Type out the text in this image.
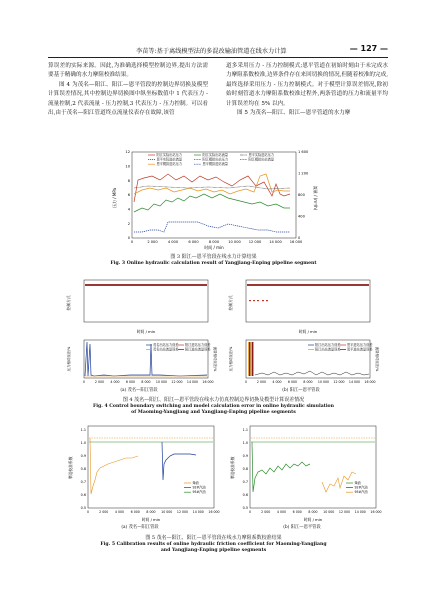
李苗等:基于离线模型法的多混改输油管道在线水力计算	— 127 —

算误差的实际来源。因此,为准确选择模型控制边界,提出方法需要基于精确的水力摩阻校准结果。

图 4 为茂名—阳江、阳江—恩平管段的控制边界切换及模型计算误差情况,其中控制边界切换图中纵坐标数值中 1 代表压力 - 流量控制,2 代表流量 - 压力控制,3 代表压力 - 压力控制。可以看出,由于茂名—阳江管道终点流量仪表存在故障,该管

道多采用压力 - 压力控制模式;恩平管道在初始时刻由于未完成水力摩阻系数校准,边界条件存在来回切换的情况,但随着校准的完成,最终选择采用压力 - 压力控制模式。对于模型计算误差情况,除初始时刻管道水力摩阻系数校准过程外,两条管道的压力和流量平均计算误差均在 5% 以内。

图 5 为茂名—阳江、阳江—恩平管道的水力摩

阳江实际出站压力	阳江实际出站流量	恩平实际进站压力
恩平实际进站流量	阳江模拟出站压力	阳江模拟出站流量
恩平模拟进站压力	恩平模拟进站流量
0	2 000	4 000	6 000	8 000	10 000 12 000 14 000 16 000
0
2
4
6
8
10
12
0
400
800
1 200
1 600
压力 / MPa	流量 / (m³/h)
时间 / min
图 3 阳江—恩平管段在线水力计算结果
Fig. 3 Online hydraulic calculation result of Yangjiang-Enping pipeline segment
控制方式
时间 / min
茂名出站压力误差 阳江进站压力误差
茂名出站流量误差 阳江进站流量误差
压力相对误差/%	流量相对误差/%
0	2 000 4 000 6 000 8 000 10 000 12 000 14 000 16 000
(a) 茂名—阳江管段
控制方式
时间 / min
阳江出站压力误差 恩平进站压力误差
阳江出站流量误差 恩平进站流量误差
压力相对误差/%	流量相对误差/%
0	2 000 4 000 6 000 8 000 10 000 12 000 14 000 16 000
(b) 阳江—恩平管段
图 4 茂名—阳江、阳江—恩平管段在线水力仿真控制边界切换及模型计算误差情况
Fig. 4 Control boundary switching and model calculation error in online hydraulic simulation
of Maoming-Yangjiang and Yangjiang-Enping pipeline segments
0.5
0.6
0.7
0.8
0.9
1.0
1.1
0	2 000 4 000 6 000 8 000 10 000 12 000 14 000 16 000
柴油
92#汽油
95#汽油
摩阻校准系数
时间 / min
(a) 茂名—阳江管段
0.5
0.6
0.7
0.8
0.9
1.0
1.1
0	2 000 4 000 6 000 8 000 10 000 12 000 14 000 16 000
柴油
92#汽油
95#汽油
摩阻校准系数
时间 / min
(b) 阳江—恩平管段
图 5 茂名—阳江、阳江—恩平管段在线水力摩阻系数校准结果
Fig. 5 Calibration results of online hydraulic friction coefficient for Maoming-Yangjiang
and Yangjiang-Enping pipeline segments
